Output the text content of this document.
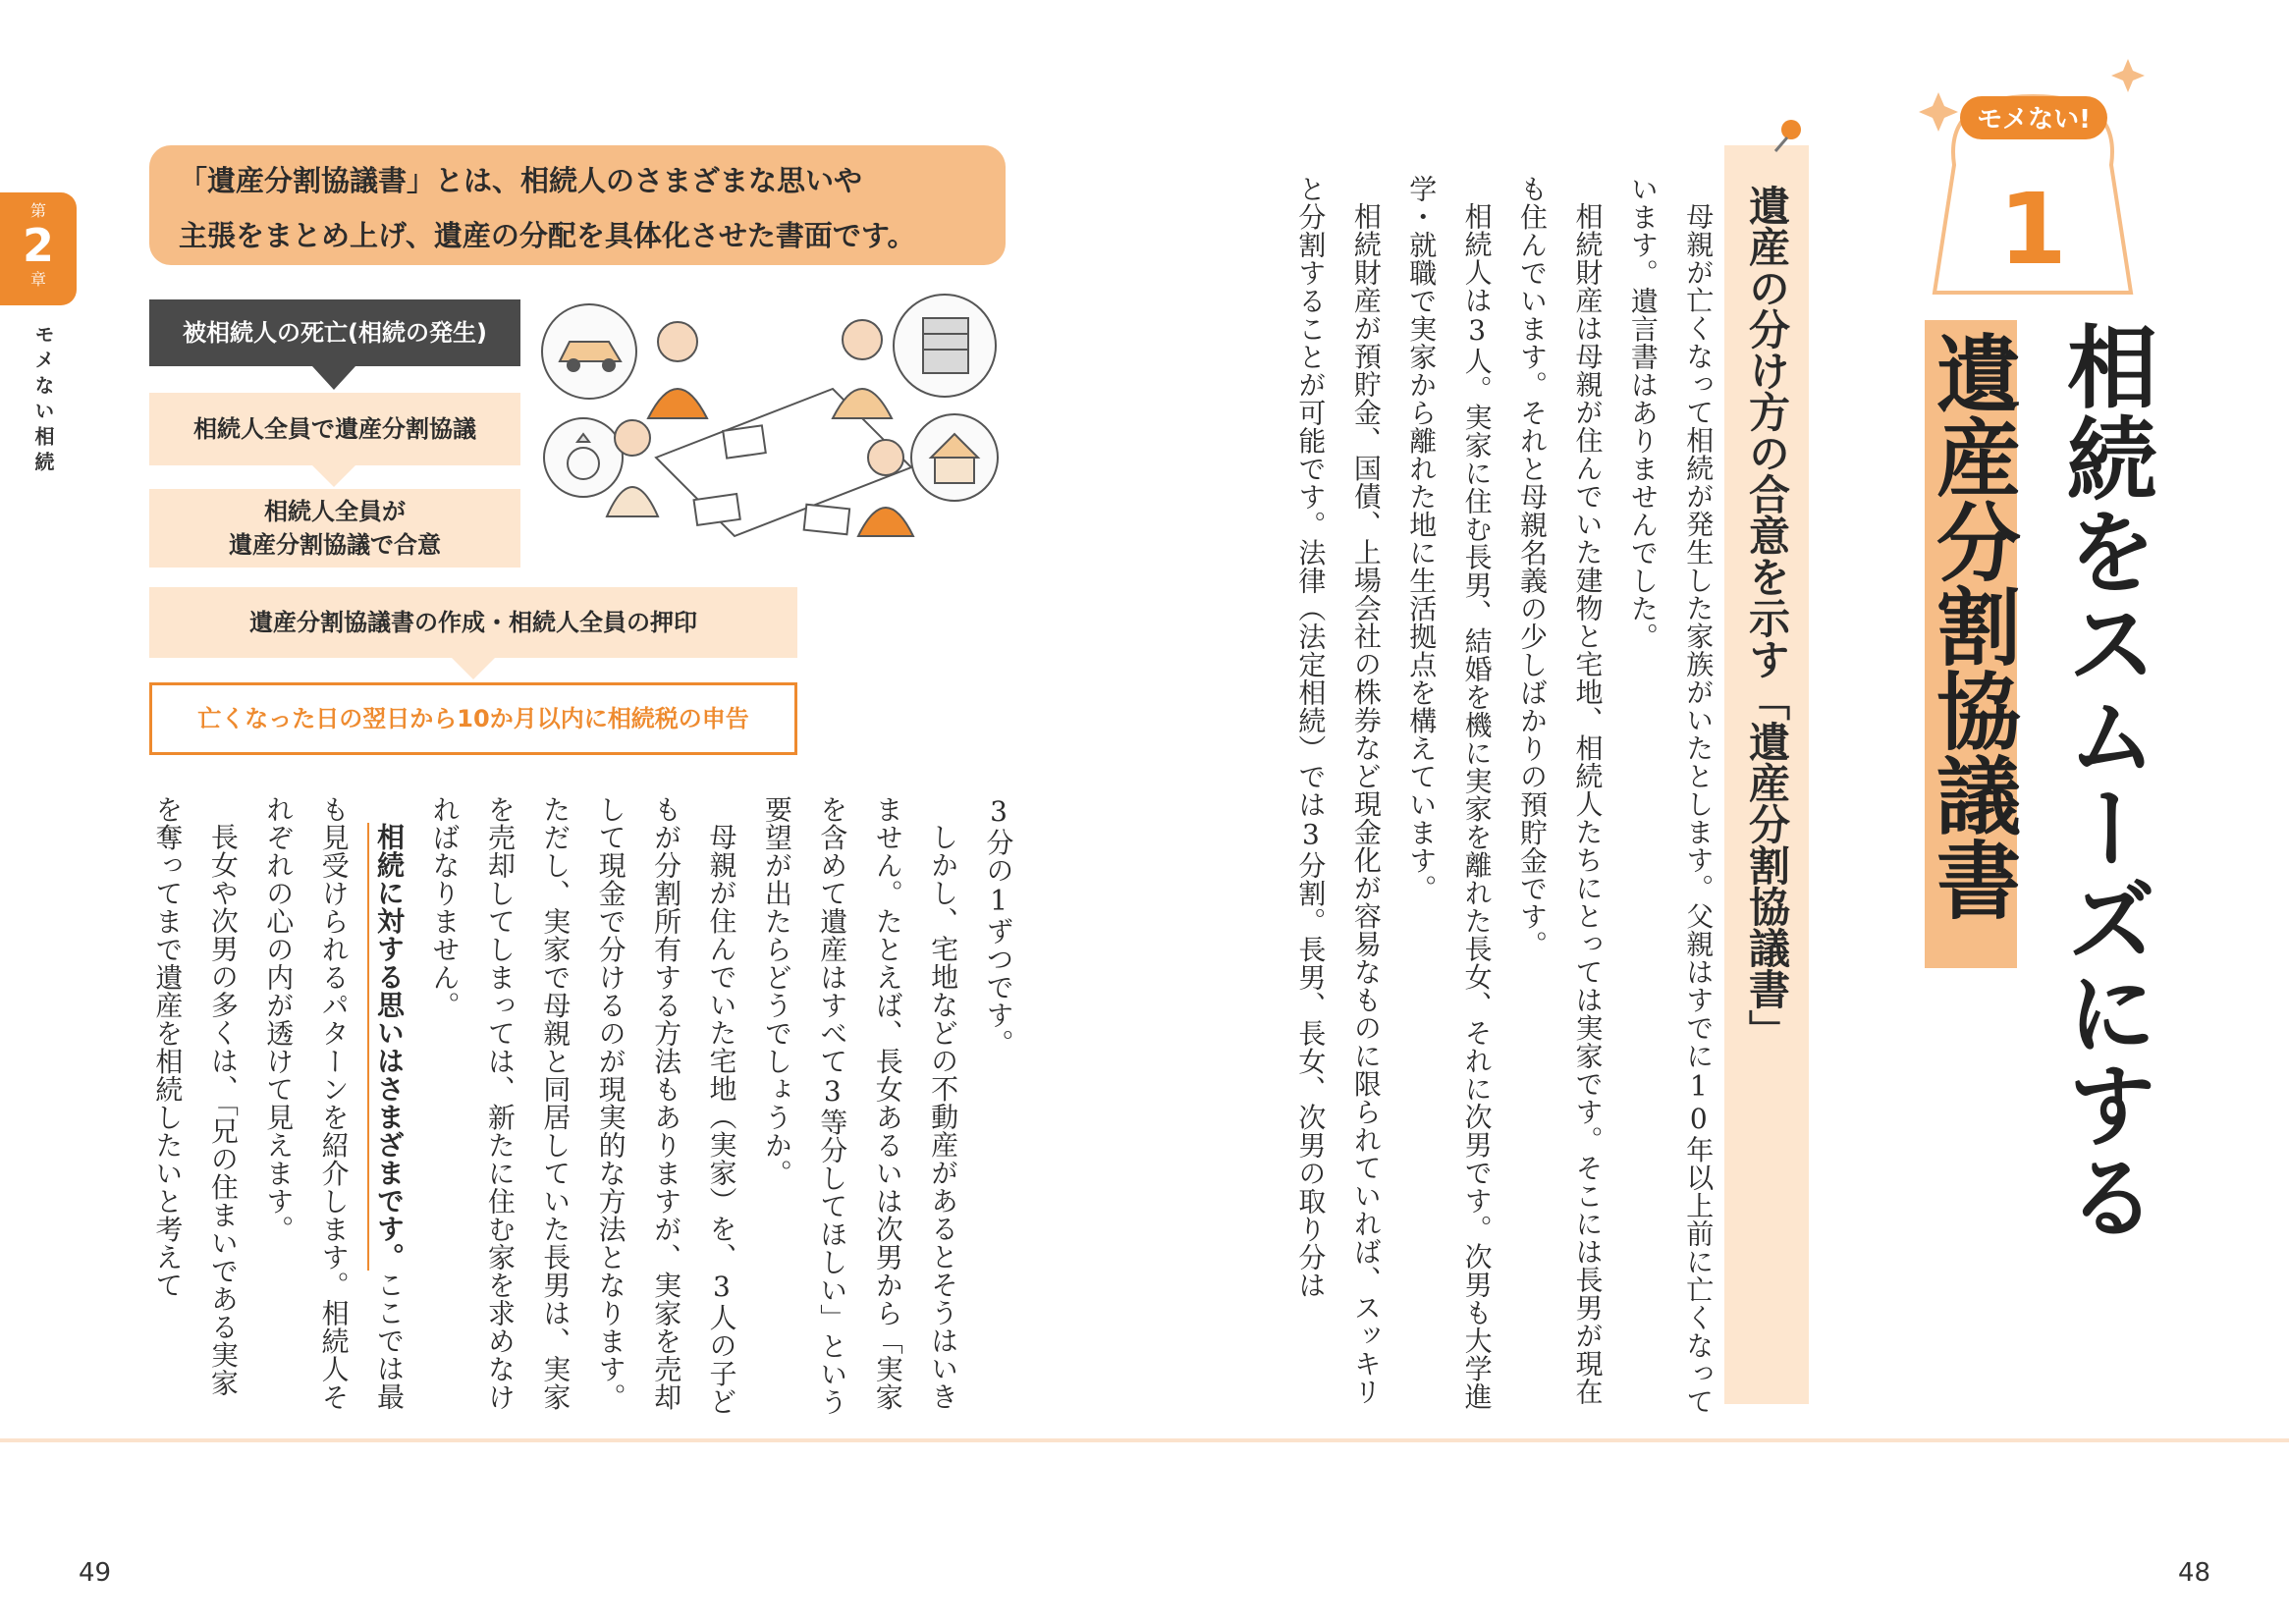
第
2
章
モメない相続
「遺産分割協議書」とは、相続人のさまざまな思いや
主張をまとめ上げ、遺産の分配を具体化させた書面です。
被相続人の死亡(相続の発生)
相続人全員で遺産分割協議
相続人全員が
遺産分割協議で合意
遺産分割協議書の作成・相続人全員の押印
亡くなった日の翌日から10か月以内に相続税の申告
モメない!
1
相続をスムーズにする
遺産分割協議書
遺産の分け方の合意を示す「遺産分割協議書」

母親が亡くなって相続が発生した家族がいたとします。父親はすでに10年以上前に亡くなっています。遺言書はありませんでした。

相続財産は母親が住んでいた建物と宅地、相続人たちにとっては実家です。そこには長男が現在も住んでいます。それと母親名義の少しばかりの預貯金です。

相続人は3人。実家に住む長男、結婚を機に実家を離れた長女、それに次男です。次男も大学進学・就職で実家から離れた地に生活拠点を構えています。

相続財産が預貯金、国債、上場会社の株券など現金化が容易なものに限られていれば、スッキリと分割することが可能です。法律（法定相続）では3分割。長男、長女、次男の取り分は

3分の1ずつです。

しかし、宅地などの不動産があるとそうはいきません。たとえば、長女あるいは次男から「実家を含めて遺産はすべて3等分してほしい」という要望が出たらどうでしょうか。

母親が住んでいた宅地（実家）を、3人の子どもが分割所有する方法もありますが、実家を売却して現金で分けるのが現実的な方法となります。ただし、実家で母親と同居していた長男は、実家を売却してしまっては、新たに住む家を求めなければなりません。

相続に対する思いはさまざまです。ここでは最も見受けられるパターンを紹介します。相続人それぞれの心の内が透けて見えます。

長女や次男の多くは、「兄の住まいである実家を奪ってまで遺産を相続したいと考えて

49	48
